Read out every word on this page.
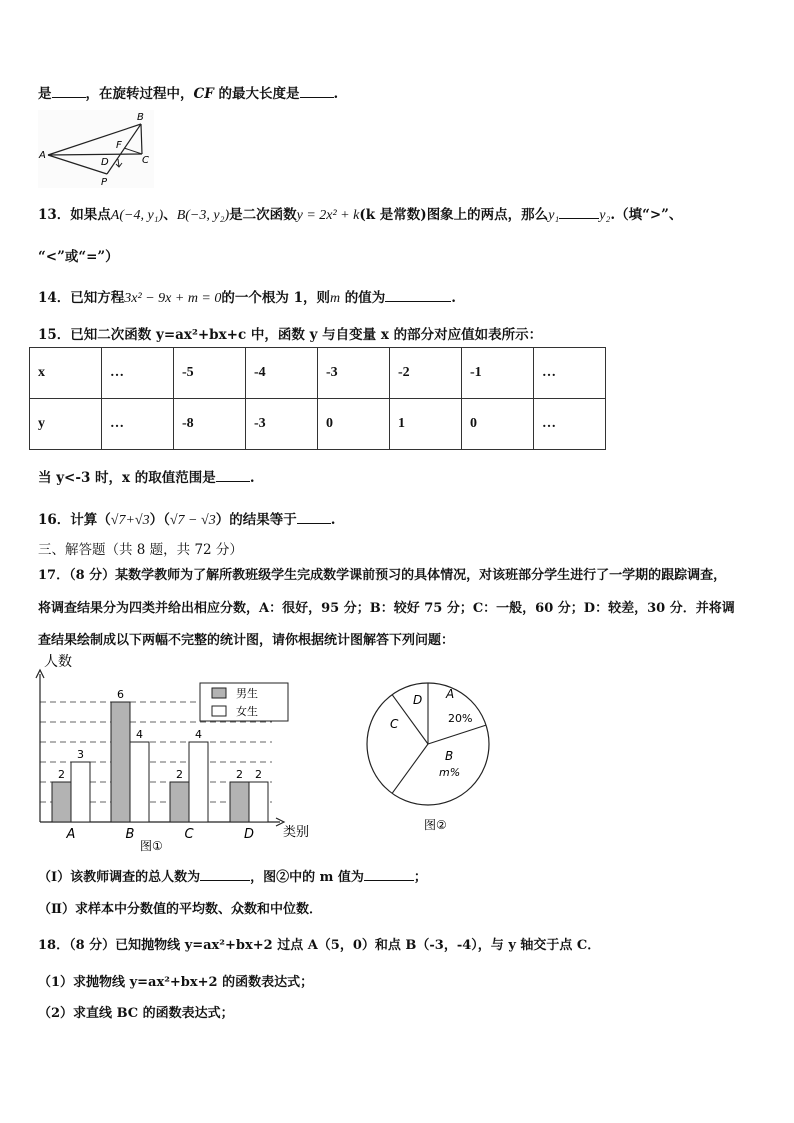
是	，在旋转过程中，CF 的最大长度是	.
A
B
C
D
F
P
13．如果点A(−4, y₁)、B(−3, y₂)是二次函数y = 2x² + k(k 是常数)图象上的两点，那么y₁	y₂.（填“>”、
“<”或“=”）
14．已知方程3x² − 9x + m = 0的一个根为 1，则m 的值为	.
15．已知二次函数 y=ax²+bx+c 中，函数 y 与自变量 x 的部分对应值如表所示：
x	…	-5	-4	-3	-2	-1	…
y	…	-8	-3	0	1	0	…
当 y<-3 时，x 的取值范围是	.
16．计算（√7+√3）（√7 − √3）的结果等于	.
三、解答题（共 8 题，共 72 分）
17．（8 分）某数学教师为了解所教班级学生完成数学课前预习的具体情况，对该班部分学生进行了一学期的跟踪调查，
将调查结果分为四类并给出相应分数，A：很好，95 分；B：较好 75 分；C：一般，60 分；D：较差，30 分．并将调
查结果绘制成以下两幅不完整的统计图，请你根据统计图解答下列问题：
人数
类别
2
3
A
6
4
B
2
4
C
2 2
D
男生
女生
图①
A
20%
B
m%
C
D
图②
（Ⅰ）该教师调查的总人数为	，图②中的 m 值为	；
（Ⅱ）求样本中分数值的平均数、众数和中位数．
18．（8 分）已知抛物线 y=ax²+bx+2 过点 A（5，0）和点 B（-3，-4），与 y 轴交于点 C．
（1）求抛物线 y=ax²+bx+2 的函数表达式；
（2）求直线 BC 的函数表达式；
